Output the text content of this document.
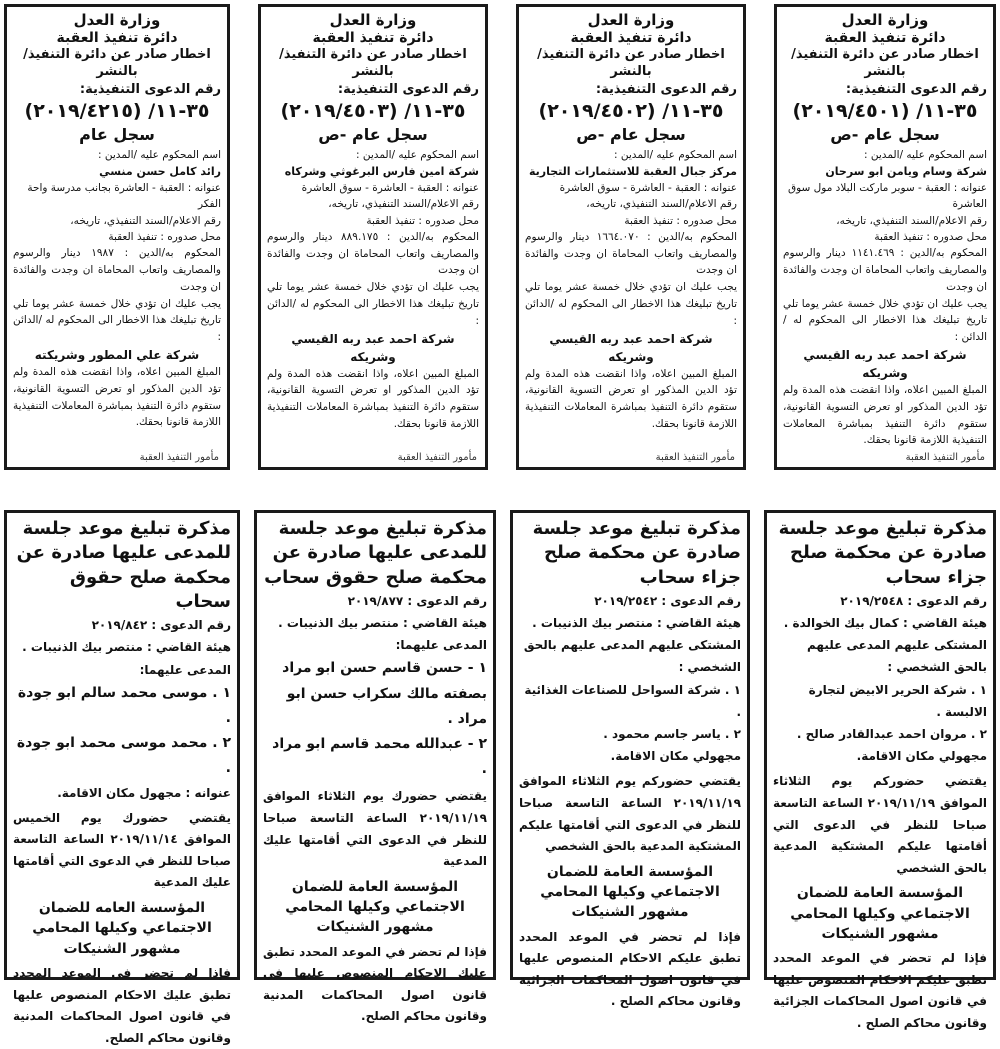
وزارة العدل
دائرة تنفيذ العقبة
اخطار صادر عن دائرة التنفيذ/بالنشر
رقم الدعوى التنفيذية:
٣٥-١١/ (٢٠١٩/٤٥٠١)
سجل عام -ص
اسم المحكوم عليه /المدين :
شركة وسام ويامن ابو سرحان
عنوانه : العقبة - سوبر ماركت البلاد مول سوق العاشرة
رقم الاعلام/السند التنفيذي، تاريخه،
محل صدوره : تنفيذ العقبة
المحكوم به/الدين : ١١٤١.٤٦٩ دينار والرسوم والمصاريف واتعاب المحاماة ان وجدت والفائدة ان وجدت
يجب عليك ان تؤدي خلال خمسة عشر يوما تلي تاريخ تبليغك هذا الاخطار الى المحكوم له /الدائن :
شركة احمد عبد ربه القيسي وشريكه
المبلغ المبين اعلاه، واذا انقضت هذه المدة ولم تؤد الدين المذكور او تعرض التسوية القانونية، ستقوم دائرة التنفيذ بمباشرة المعاملات التنفيذية اللازمة قانونا بحقك.
مأمور التنفيذ العقبة
وزارة العدل
دائرة تنفيذ العقبة
اخطار صادر عن دائرة التنفيذ/بالنشر
رقم الدعوى التنفيذية:
٣٥-١١/ (٢٠١٩/٤٥٠٢)
سجل عام -ص
اسم المحكوم عليه /المدين :
مركز جبال العقبة للاستثمارات التجارية
عنوانه : العقبة - العاشرة - سوق العاشرة
رقم الاعلام/السند التنفيذي، تاريخه،
محل صدوره : تنفيذ العقبة
المحكوم به/الدين : ١٦٦٤.٠٧٠ دينار والرسوم والمصاريف واتعاب المحاماة ان وجدت والفائدة ان وجدت
يجب عليك ان تؤدي خلال خمسة عشر يوما تلي تاريخ تبليغك هذا الاخطار الى المحكوم له /الدائن :
شركة احمد عبد ربه القيسي وشريكه
المبلغ المبين اعلاه، واذا انقضت هذه المدة ولم تؤد الدين المذكور او تعرض التسوية القانونية، ستقوم دائرة التنفيذ بمباشرة المعاملات التنفيذية اللازمة قانونا بحقك.
مأمور التنفيذ العقبة
وزارة العدل
دائرة تنفيذ العقبة
اخطار صادر عن دائرة التنفيذ/بالنشر
رقم الدعوى التنفيذية:
٣٥-١١/ (٢٠١٩/٤٥٠٣)
سجل عام -ص
اسم المحكوم عليه /المدين :
شركة امين فارس البرغوثي وشركاه
عنوانه : العقبة - العاشرة - سوق العاشرة
رقم الاعلام/السند التنفيذي، تاريخه،
محل صدوره : تنفيذ العقبة
المحكوم به/الدين : ٨٨٩.١٧٥ دينار والرسوم والمصاريف واتعاب المحاماة ان وجدت والفائدة ان وجدت
يجب عليك ان تؤدي خلال خمسة عشر يوما تلي تاريخ تبليغك هذا الاخطار الى المحكوم له /الدائن :
شركة احمد عبد ربه القيسي وشريكه
المبلغ المبين اعلاه، واذا انقضت هذه المدة ولم تؤد الدين المذكور او تعرض التسوية القانونية، ستقوم دائرة التنفيذ بمباشرة المعاملات التنفيذية اللازمة قانونا بحقك.
مأمور التنفيذ العقبة
وزارة العدل
دائرة تنفيذ العقبة
اخطار صادر عن دائرة التنفيذ/بالنشر
رقم الدعوى التنفيذية:
٣٥-١١/ (٢٠١٩/٤٢١٥)
سجل عام
اسم المحكوم عليه /المدين :
رائد كامل حسن منسي
عنوانه : العقبة - العاشرة بجانب مدرسة واحة الفكر
رقم الاعلام/السند التنفيذي، تاريخه،
محل صدوره : تنفيذ العقبة
المحكوم به/الدين : ١٩٨٧ دينار والرسوم والمصاريف واتعاب المحاماة ان وجدت والفائدة ان وجدت
يجب عليك ان تؤدي خلال خمسة عشر يوما تلي تاريخ تبليغك هذا الاخطار الى المحكوم له /الدائن :
شركة علي المطور وشريكته
المبلغ المبين اعلاه، واذا انقضت هذه المدة ولم تؤد الدين المذكور او تعرض التسوية القانونية، ستقوم دائرة التنفيذ بمباشرة المعاملات التنفيذية اللازمة قانونا بحقك.
مأمور التنفيذ العقبة
مذكرة تبليغ موعد جلسة صادرة عن محكمة صلح جزاء سحاب
رقم الدعوى : ٢٠١٩/٢٥٤٨
هيئة القاضي : كمال بيك الخوالدة .
المشتكى عليهم المدعى عليهم بالحق الشخصي :
١ . شركة الحرير الابيض لتجارة الالبسة .
٢ . مروان احمد عبدالقادر صالح .
مجهولي مكان الاقامة.
يقتضي حضوركم يوم الثلاثاء الموافق ٢٠١٩/١١/١٩ الساعة التاسعة صباحا للنظر في الدعوى التي أقامتها عليكم المشتكية المدعية بالحق الشخصي
المؤسسة العامة للضمان الاجتماعي وكيلها المحامي مشهور الشنيكات
فإذا لم تحضر في الموعد المحدد تطبق عليكم الاحكام المنصوص عليها في قانون اصول المحاكمات الجزائية وقانون محاكم الصلح .
مذكرة تبليغ موعد جلسة صادرة عن محكمة صلح جزاء سحاب
رقم الدعوى : ٢٠١٩/٢٥٤٢
هيئة القاضي : منتصر بيك الذنيبات .
المشتكى عليهم المدعى عليهم بالحق الشخصي :
١ . شركة السواحل للصناعات الغذائية .
٢ . ياسر جاسم محمود .
مجهولي مكان الاقامة.
يقتضي حضوركم يوم الثلاثاء الموافق ٢٠١٩/١١/١٩ الساعة التاسعة صباحا للنظر في الدعوى التي أقامتها عليكم المشتكية المدعية بالحق الشخصي
المؤسسة العامة للضمان الاجتماعي وكيلها المحامي مشهور الشنيكات
فإذا لم تحضر في الموعد المحدد تطبق عليكم الاحكام المنصوص عليها في قانون اصول المحاكمات الجزائية وقانون محاكم الصلح .
مذكرة تبليغ موعد جلسة للمدعى عليها صادرة عن محكمة صلح حقوق سحاب
رقم الدعوى : ٢٠١٩/٨٧٧
هيئة القاضي : منتصر بيك الذنيبات .
المدعى عليهما:
١ - حسن قاسم حسن ابو مراد بصفته مالك سكراب حسن ابو مراد .
٢ - عبدالله محمد قاسم ابو مراد .
يقتضي حضورك يوم الثلاثاء الموافق ٢٠١٩/١١/١٩ الساعة التاسعة صباحا للنظر في الدعوى التي أقامتها عليك المدعية
المؤسسة العامة للضمان الاجتماعي وكيلها المحامي مشهور الشنيكات
فإذا لم تحضر في الموعد المحدد تطبق عليك الاحكام المنصوص عليها في قانون اصول المحاكمات المدنية وقانون محاكم الصلح.
مذكرة تبليغ موعد جلسة للمدعى عليها صادرة عن محكمة صلح حقوق سحاب
رقم الدعوى : ٢٠١٩/٨٤٢
هيئة القاضي : منتصر بيك الذنيبات .
المدعى عليهما:
١ . موسى محمد سالم ابو جودة .
٢ . محمد موسى محمد ابو جودة .
عنوانه : مجهول مكان الاقامة.
يقتضي حضورك يوم الخميس الموافق ٢٠١٩/١١/١٤ الساعة التاسعة صباحا للنظر في الدعوى التي أقامتها عليك المدعية
المؤسسة العامه للضمان الاجتماعي وكيلها المحامي مشهور الشنيكات
فإذا لم تحضر في الموعد المحدد تطبق عليك الاحكام المنصوص عليها في قانون اصول المحاكمات المدنية وقانون محاكم الصلح.
